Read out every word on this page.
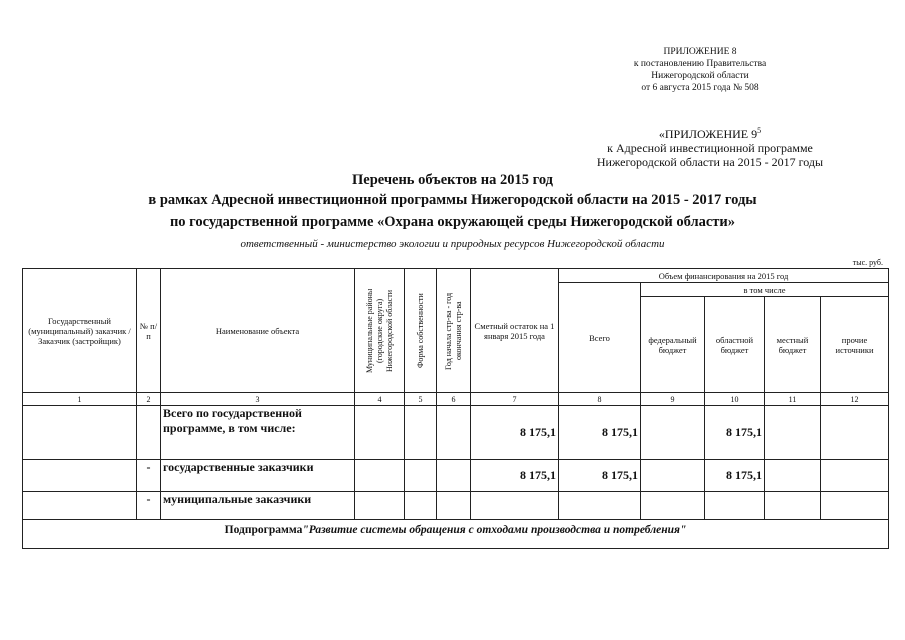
ПРИЛОЖЕНИЕ 8
к постановлению Правительства
Нижегородской области
от 6 августа 2015 года № 508
«ПРИЛОЖЕНИЕ $9^5$
к Адресной инвестиционной программе
Нижегородской области на 2015 - 2017 годы
Перечень объектов на 2015 год
в рамках Адресной инвестиционной программы Нижегородской области на 2015 - 2017 годы
по государственной программе «Охрана окружающей среды Нижегородской области»
ответственный - министерство экологии и природных ресурсов Нижегородской области
тыс. руб.
Государственный (муниципальный) заказчик / Заказчик (застройщик)	№ п/п	Наименование объекта	Муниципальные районы (городские округа) Нижегородской области	Форма собственности	Год начала стр-ва - год окончания стр-ва	Сметный остаток на 1 января 2015 года	Объем финансирования на 2015 год				
							Всего	в том числе			
								федеральный бюджет	областной бюджет	местный бюджет	прочие источники
1	2	3	4	5	6	7	8	9	10	11	12
		Всего по государственной программе, в том числе:				8 175,1	8 175,1		8 175,1		
	-	государственные заказчики				8 175,1	8 175,1		8 175,1		
	-	муниципальные заказчики									
Подпрограмма"Развитие системы обращения с отходами производства и потребления"											
